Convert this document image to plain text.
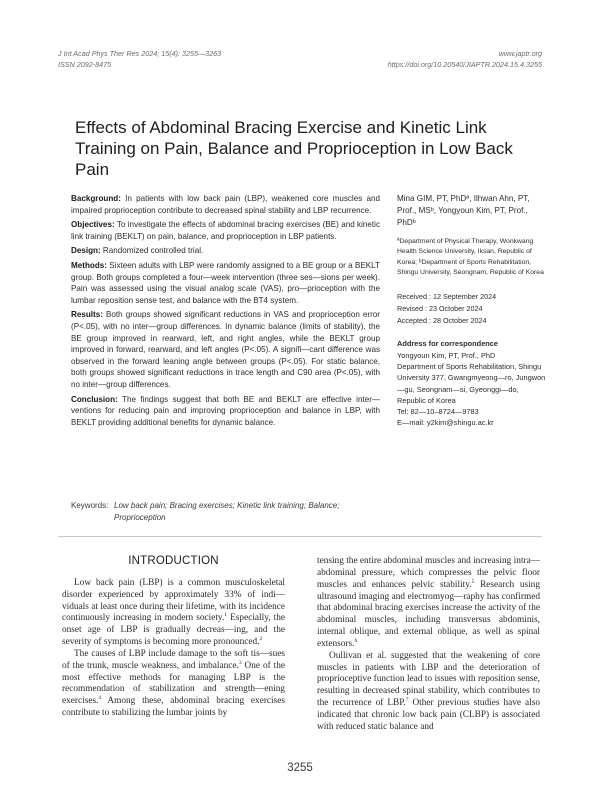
J Int Acad Phys Ther Res 2024; 15(4): 3255—3263
ISSN 2092-8475
www.japtr.org
https://doi.org/10.20540/JIAPTR.2024.15.4.3255
Effects of Abdominal Bracing Exercise and Kinetic Link Training on Pain, Balance and Proprioception in Low Back Pain

Background: In patients with low back pain (LBP), weakened core muscles and impaired proprioception contribute to decreased spinal stability and LBP recurrence.

Objectives: To investigate the effects of abdominal bracing exercises (BE) and kinetic link training (BEKLT) on pain, balance, and proprioception in LBP patients.

Design: Randomized controlled trial.

Methods: Sixteen adults with LBP were randomly assigned to a BE group or a BEKLT group. Both groups completed a four—week intervention (three ses—sions per week). Pain was assessed using the visual analog scale (VAS), pro—prioception with the lumbar reposition sense test, and balance with the BT4 system.

Results: Both groups showed significant reductions in VAS and proprioception error (P<.05), with no inter—group differences. In dynamic balance (limits of stability), the BE group improved in rearward, left, and right angles, while the BEKLT group improved in forward, rearward, and left angles (P<.05). A signifi—cant difference was observed in the forward leaning angle between groups (P<.05). For static balance, both groups showed significant reductions in trace length and C90 area (P<.05), with no inter—group differences.

Conclusion: The findings suggest that both BE and BEKLT are effective inter—ventions for reducing pain and improving proprioception and balance in LBP, with BEKLT providing additional benefits for dynamic balance.

Mina GIM, PT, PhDª, Ilhwan Ahn, PT, Prof., MSᵇ, Yongyoun Kim, PT, Prof., PhDᵇ
ªDepartment of Physical Therapy, Wonkwang Health Science University, Iksan, Republic of Korea; ᵇDepartment of Sports Rehabilitation, Shingu University, Seongnam, Republic of Korea
Received : 12 September 2024
Revised : 23 October 2024
Accepted : 28 October 2024
Address for correspondence
Yongyoun Kim, PT, Prof., PhD
Department of Sports Rehabilitation, Shingu University 377, Gwangmyeong—ro, Jungwon—gu, Seongnam—si, Gyeonggi—do, Republic of Korea
Tel: 82—10–8724—9783
E—mail: y2kim@shingu.ac.kr
Keywords: Low back pain; Bracing exercises; Kinetic link training; Balance; Proprioception
INTRODUCTION

Low back pain (LBP) is a common musculoskeletal disorder experienced by approximately 33% of indi—viduals at least once during their lifetime, with its incidence continuously increasing in modern society.$^1$ Especially, the onset age of LBP is gradually decreas—ing, and the severity of symptoms is becoming more pronounced.$^2$

The causes of LBP include damage to the soft tis—sues of the trunk, muscle weakness, and imbalance.$^3$ One of the most effective methods for managing LBP is the recommendation of stabilization and strength—ening exercises.$^4$ Among these, abdominal bracing exercises contribute to stabilizing the lumbar joints by

tensing the entire abdominal muscles and increasing intra—abdominal pressure, which compresses the pelvic floor muscles and enhances pelvic stability.$^5$ Research using ultrasound imaging and electromyog—raphy has confirmed that abdominal bracing exercises increase the activity of the abdominal muscles, including transversus abdominis, internal oblique, and external oblique, as well as spinal extensors.$^6$

Oullivan et al. suggested that the weakening of core muscles in patients with LBP and the deterioration of proprioceptive function lead to issues with reposition sense, resulting in decreased spinal stability, which contributes to the recurrence of LBP.$^7$ Other previous studies have also indicated that chronic low back pain (CLBP) is associated with reduced static balance and

3255
